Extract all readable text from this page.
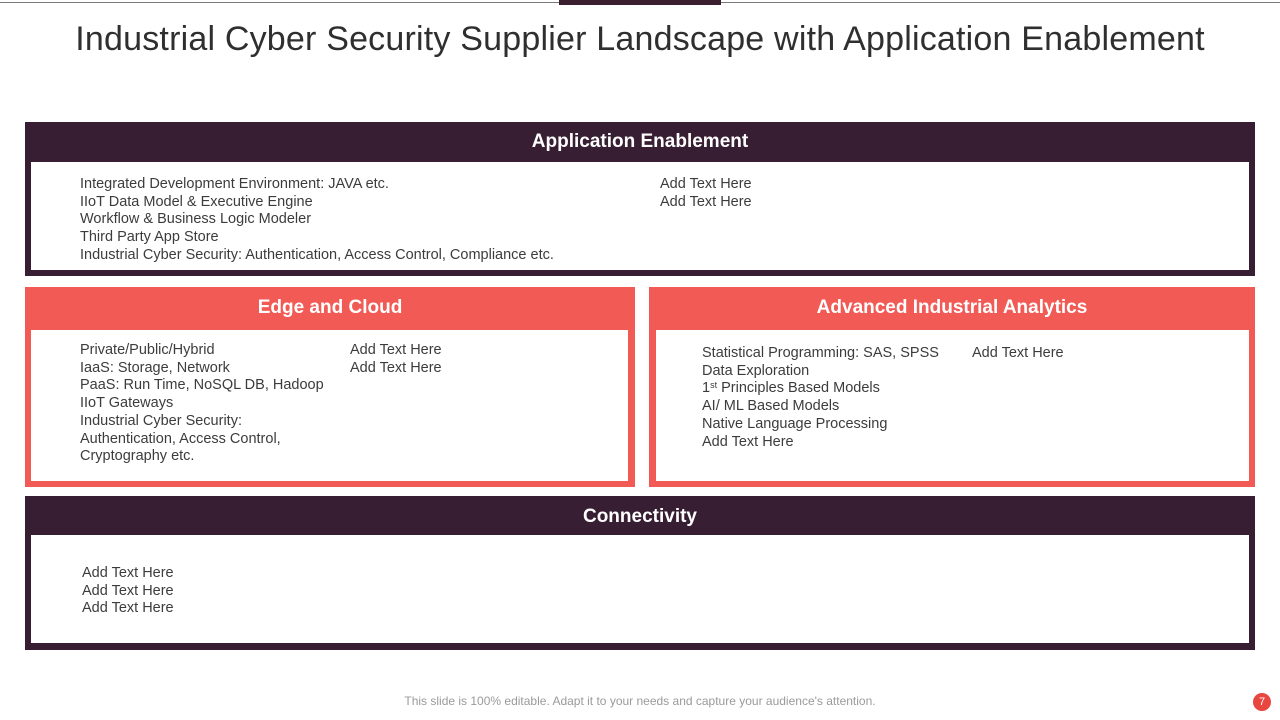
Industrial Cyber Security Supplier Landscape with Application Enablement
Application Enablement
Integrated Development Environment: JAVA etc.
IIoT Data Model & Executive Engine
Workflow & Business Logic Modeler
Third Party App Store
Industrial Cyber Security: Authentication, Access Control, Compliance etc.
Add Text Here
Add Text Here
Edge and Cloud
Private/Public/Hybrid
IaaS: Storage, Network
PaaS: Run Time, NoSQL DB, Hadoop
IIoT Gateways
Industrial Cyber Security:
Authentication, Access Control,
Cryptography etc.
Add Text Here
Add Text Here
Advanced Industrial Analytics
Statistical Programming: SAS, SPSS
Data Exploration
1st Principles Based Models
AI/ ML Based Models
Native Language Processing
Add Text Here
Add Text Here
Connectivity
Add Text Here
Add Text Here
Add Text Here
This slide is 100% editable. Adapt it to your needs and capture your audience's attention.	7
